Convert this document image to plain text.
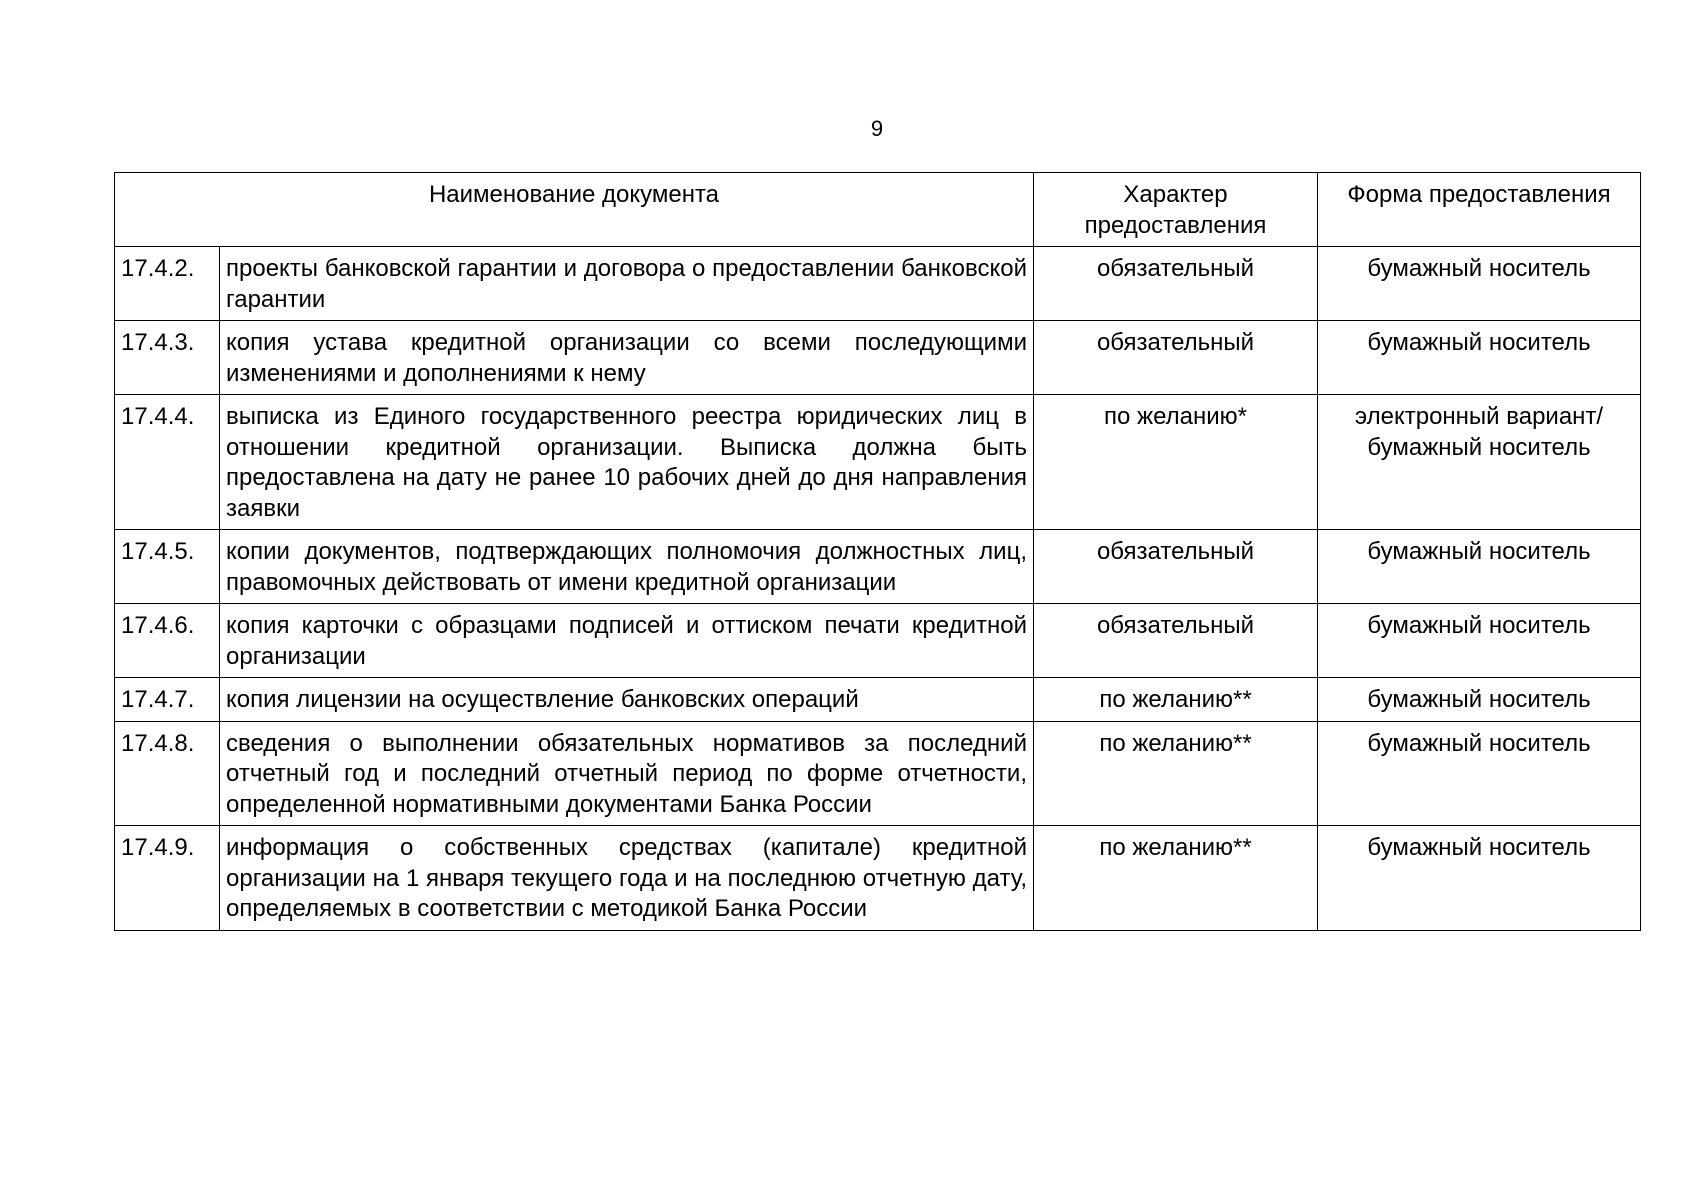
9
Наименование документа		Характер предоставления	Форма предоставления
17.4.2.	проекты банковской гарантии и договора о предоставлении банковской гарантии	обязательный	бумажный носитель
17.4.3.	копия устава кредитной организации со всеми последующими изменениями и дополнениями к нему	обязательный	бумажный носитель
17.4.4.	выписка из Единого государственного реестра юридических лиц в отношении кредитной организации. Выписка должна быть предоставлена на дату не ранее 10 рабочих дней до дня направления заявки	по желанию*	электронный вариант/ бумажный носитель
17.4.5.	копии документов, подтверждающих полномочия должностных лиц, правомочных действовать от имени кредитной организации	обязательный	бумажный носитель
17.4.6.	копия карточки с образцами подписей и оттиском печати кредитной организации	обязательный	бумажный носитель
17.4.7.	копия лицензии на осуществление банковских операций	по желанию**	бумажный носитель
17.4.8.	сведения о выполнении обязательных нормативов за последний отчетный год и последний отчетный период по форме отчетности, определенной нормативными документами Банка России	по желанию**	бумажный носитель
17.4.9.	информация о собственных средствах (капитале) кредитной организации на 1 января текущего года и на последнюю отчетную дату, определяемых в соответствии с методикой Банка России	по желанию**	бумажный носитель
